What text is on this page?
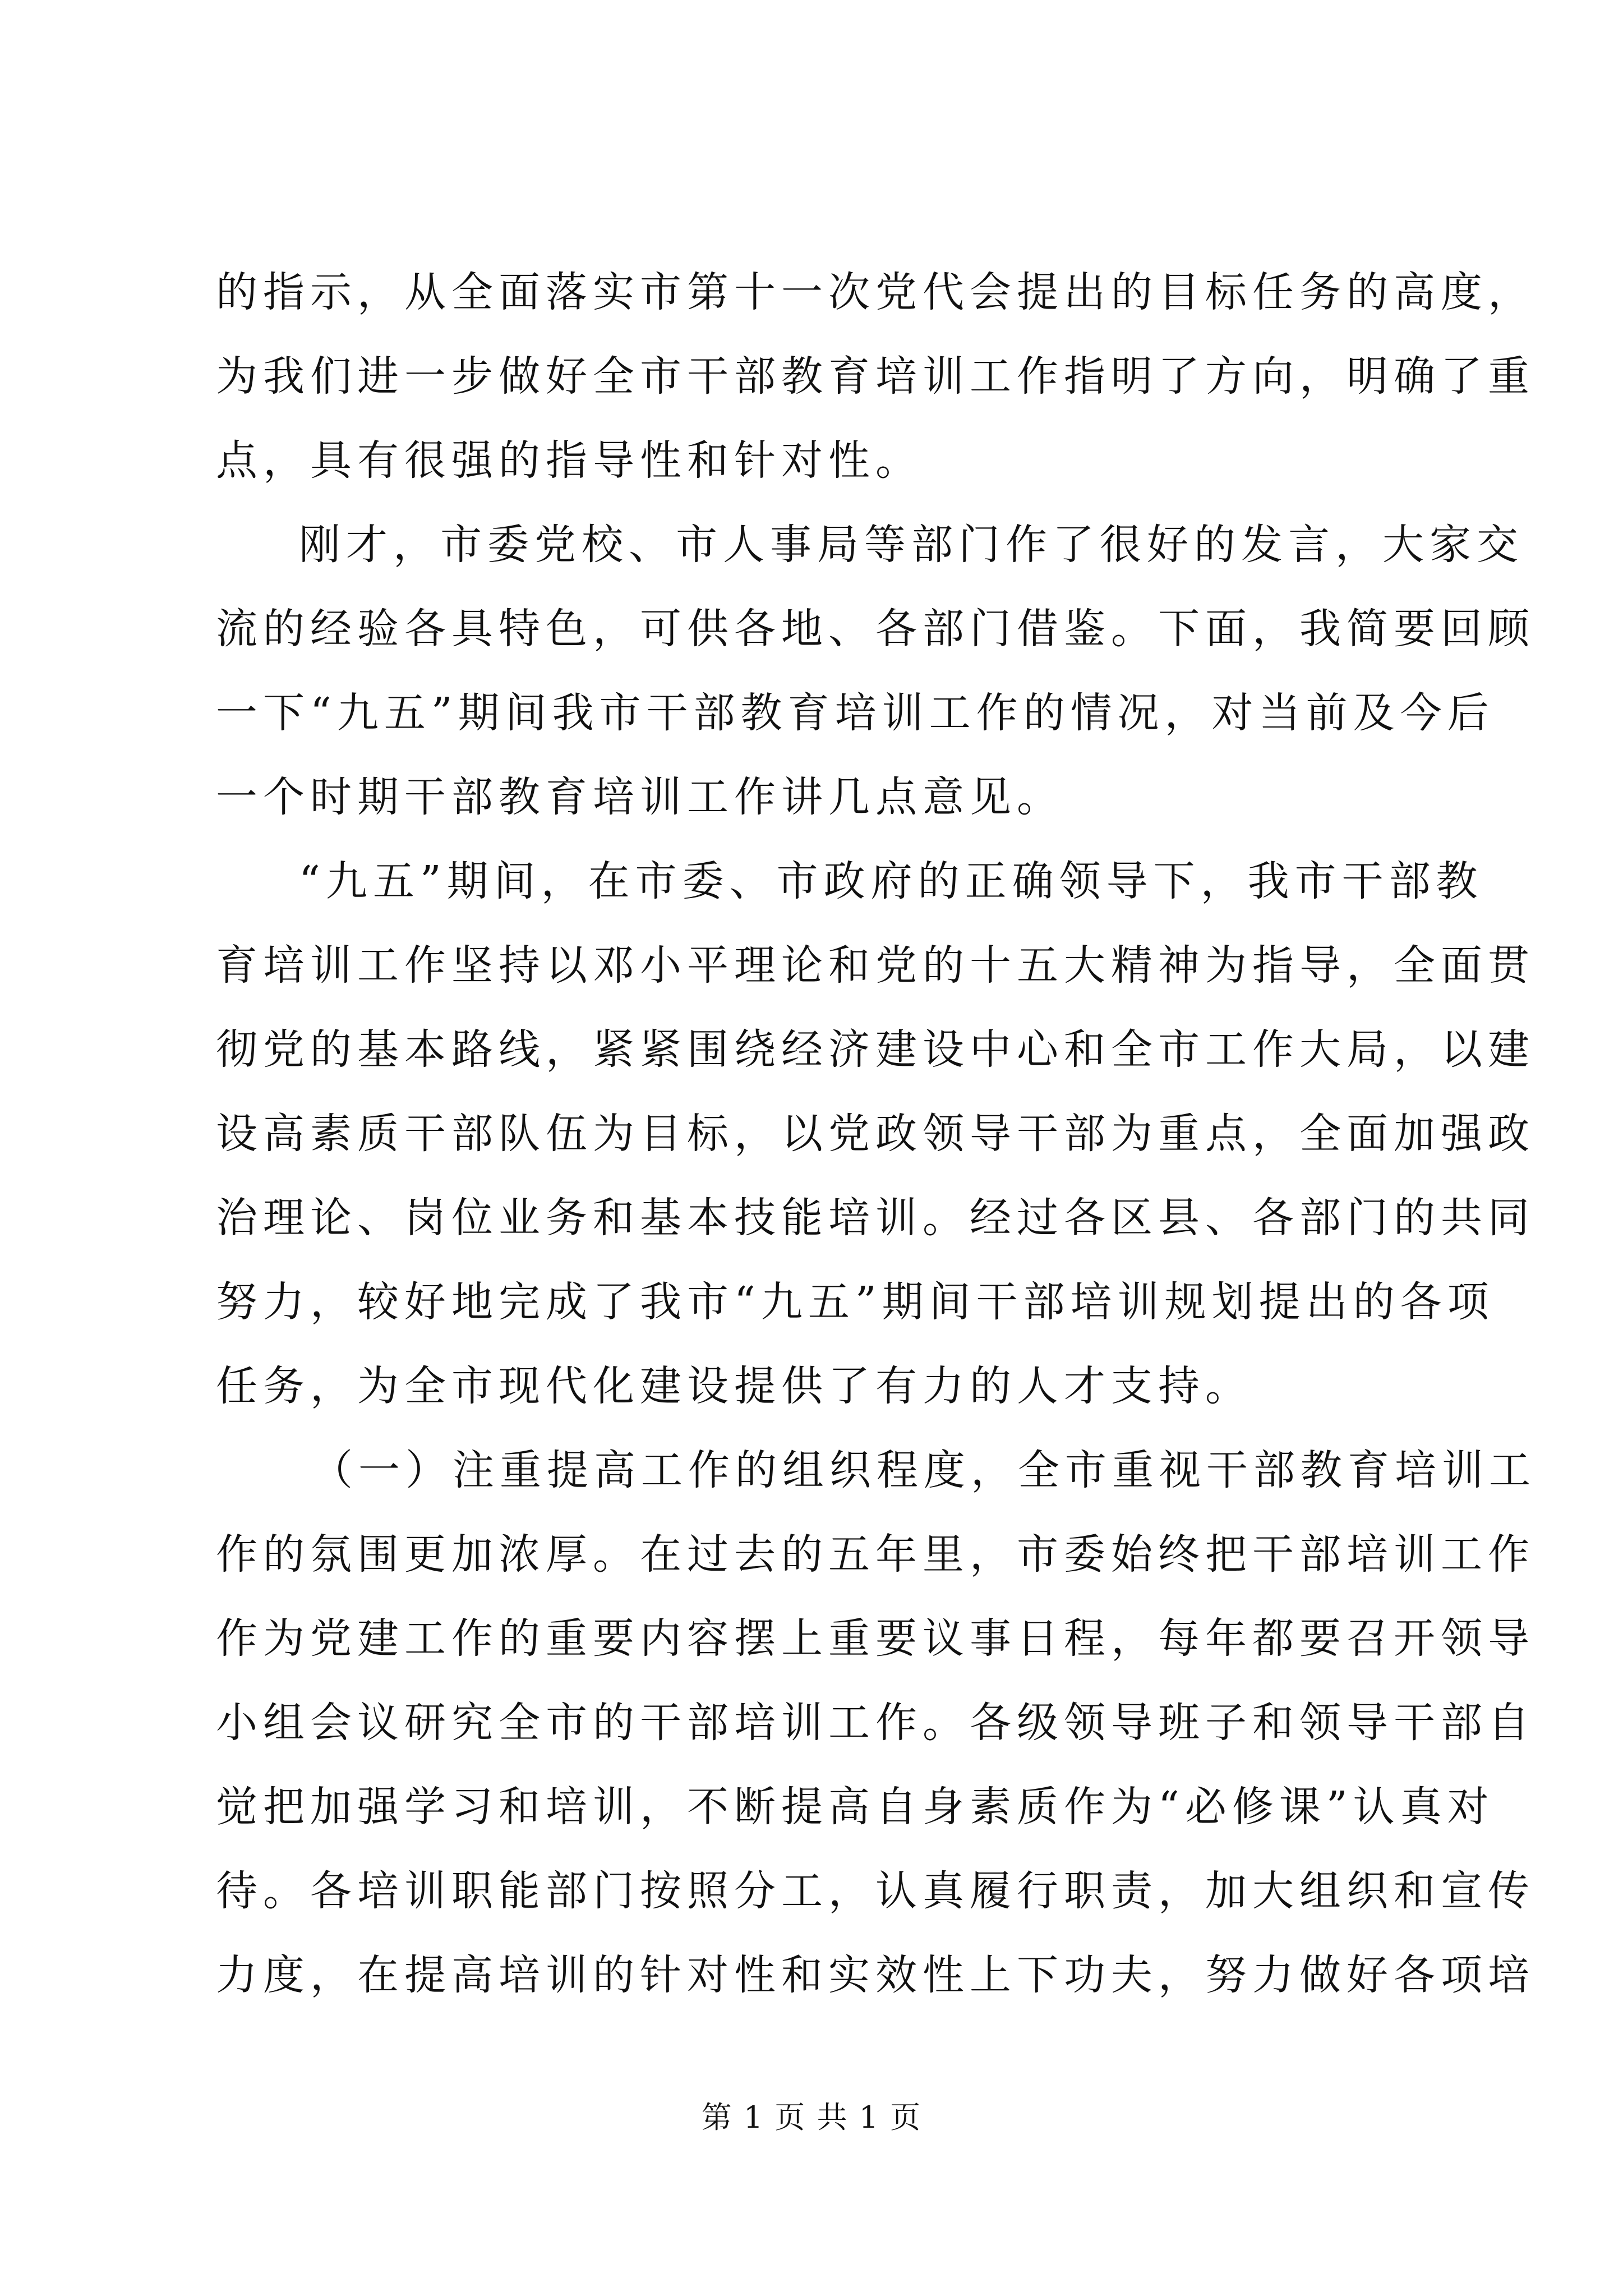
的指示，从全面落实市第十一次党代会提出的目标任务的高度，
为我们进一步做好全市干部教育培训工作指明了方向，明确了重
点，具有很强的指导性和针对性。
刚才，市委党校、市人事局等部门作了很好的发言，大家交
流的经验各具特色，可供各地、各部门借鉴。下面，我简要回顾
一下“九五”期间我市干部教育培训工作的情况，对当前及今后
一个时期干部教育培训工作讲几点意见。
“九五”期间，在市委、市政府的正确领导下，我市干部教
育培训工作坚持以邓小平理论和党的十五大精神为指导，全面贯
彻党的基本路线，紧紧围绕经济建设中心和全市工作大局，以建
设高素质干部队伍为目标，以党政领导干部为重点，全面加强政
治理论、岗位业务和基本技能培训。经过各区县、各部门的共同
努力，较好地完成了我市“九五”期间干部培训规划提出的各项
任务，为全市现代化建设提供了有力的人才支持。
（一）注重提高工作的组织程度，全市重视干部教育培训工
作的氛围更加浓厚。在过去的五年里，市委始终把干部培训工作
作为党建工作的重要内容摆上重要议事日程，每年都要召开领导
小组会议研究全市的干部培训工作。各级领导班子和领导干部自
觉把加强学习和培训，不断提高自身素质作为“必修课”认真对
待。各培训职能部门按照分工，认真履行职责，加大组织和宣传
力度，在提高培训的针对性和实效性上下功夫，努力做好各项培
第 1 页 共 1 页
